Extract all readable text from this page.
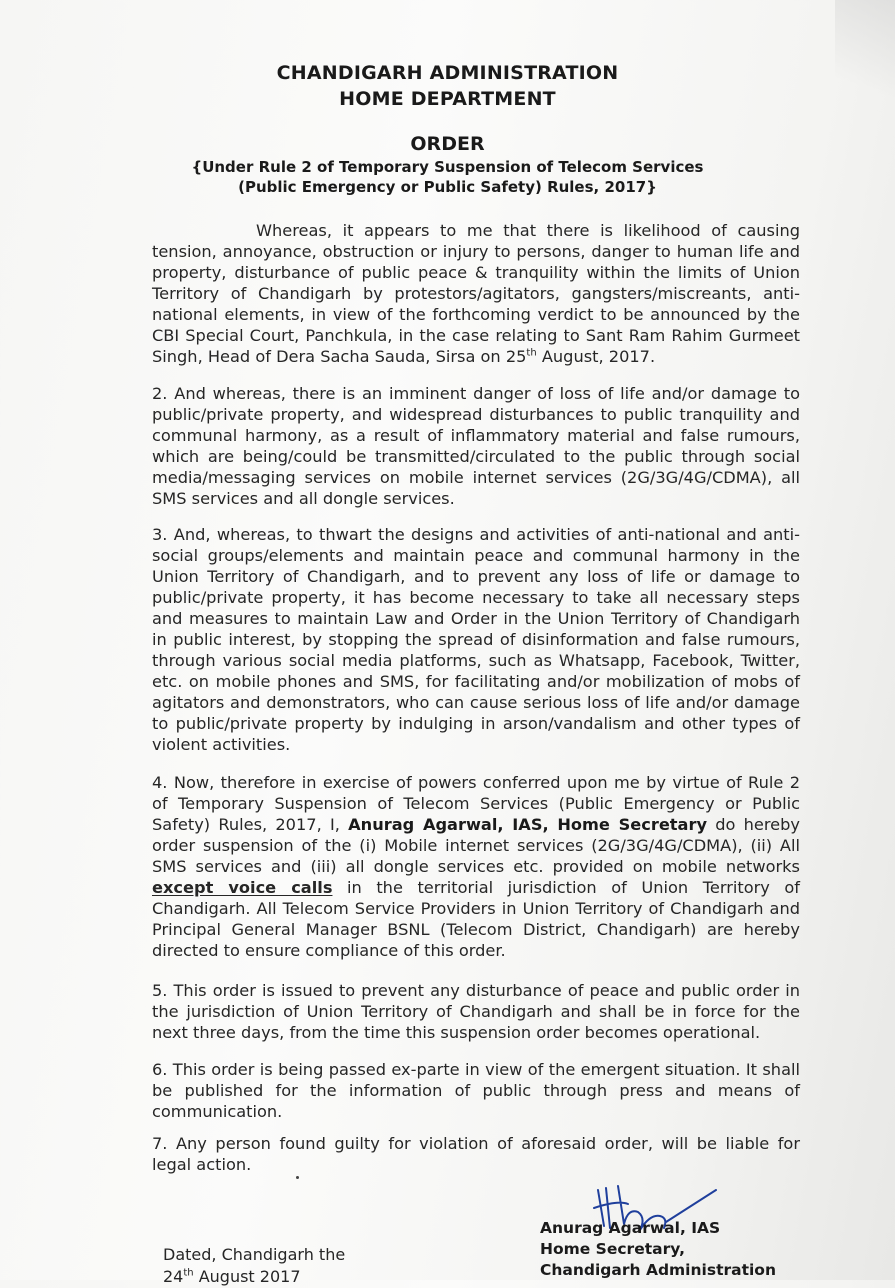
CHANDIGARH ADMINISTRATION
HOME DEPARTMENT
ORDER
{Under Rule 2 of Temporary Suspension of Telecom Services
(Public Emergency or Public Safety) Rules, 2017}
Whereas, it appears to me that there is likelihood of causing tension, annoyance, obstruction or injury to persons, danger to human life and property, disturbance of public peace & tranquility within the limits of Union Territory of Chandigarh by protestors/agitators, gangsters/miscreants, anti-national elements, in view of the forthcoming verdict to be announced by the CBI Special Court, Panchkula, in the case relating to Sant Ram Rahim Gurmeet Singh, Head of Dera Sacha Sauda, Sirsa on 25th August, 2017.
2. And whereas, there is an imminent danger of loss of life and/or damage to public/private property, and widespread disturbances to public tranquility and communal harmony, as a result of inflammatory material and false rumours, which are being/could be transmitted/circulated to the public through social media/messaging services on mobile internet services (2G/3G/4G/CDMA), all SMS services and all dongle services.
3. And, whereas, to thwart the designs and activities of anti-national and anti-social groups/elements and maintain peace and communal harmony in the Union Territory of Chandigarh, and to prevent any loss of life or damage to public/private property, it has become necessary to take all necessary steps and measures to maintain Law and Order in the Union Territory of Chandigarh in public interest, by stopping the spread of disinformation and false rumours, through various social media platforms, such as Whatsapp, Facebook, Twitter, etc. on mobile phones and SMS, for facilitating and/or mobilization of mobs of agitators and demonstrators, who can cause serious loss of life and/or damage to public/private property by indulging in arson/vandalism and other types of violent activities.
4. Now, therefore in exercise of powers conferred upon me by virtue of Rule 2 of Temporary Suspension of Telecom Services (Public Emergency or Public Safety) Rules, 2017, I, Anurag Agarwal, IAS, Home Secretary do hereby order suspension of the (i) Mobile internet services (2G/3G/4G/CDMA), (ii) All SMS services and (iii) all dongle services etc. provided on mobile networks except voice calls in the territorial jurisdiction of Union Territory of Chandigarh. All Telecom Service Providers in Union Territory of Chandigarh and Principal General Manager BSNL (Telecom District, Chandigarh) are hereby directed to ensure compliance of this order.
5. This order is issued to prevent any disturbance of peace and public order in the jurisdiction of Union Territory of Chandigarh and shall be in force for the next three days, from the time this suspension order becomes operational.
6. This order is being passed ex-parte in view of the emergent situation. It shall be published for the information of public through press and means of communication.
7. Any person found guilty for violation of aforesaid order, will be liable for legal action.
Dated, Chandigarh the
24th August 2017
Anurag Agarwal, IAS
Home Secretary,
Chandigarh Administration
